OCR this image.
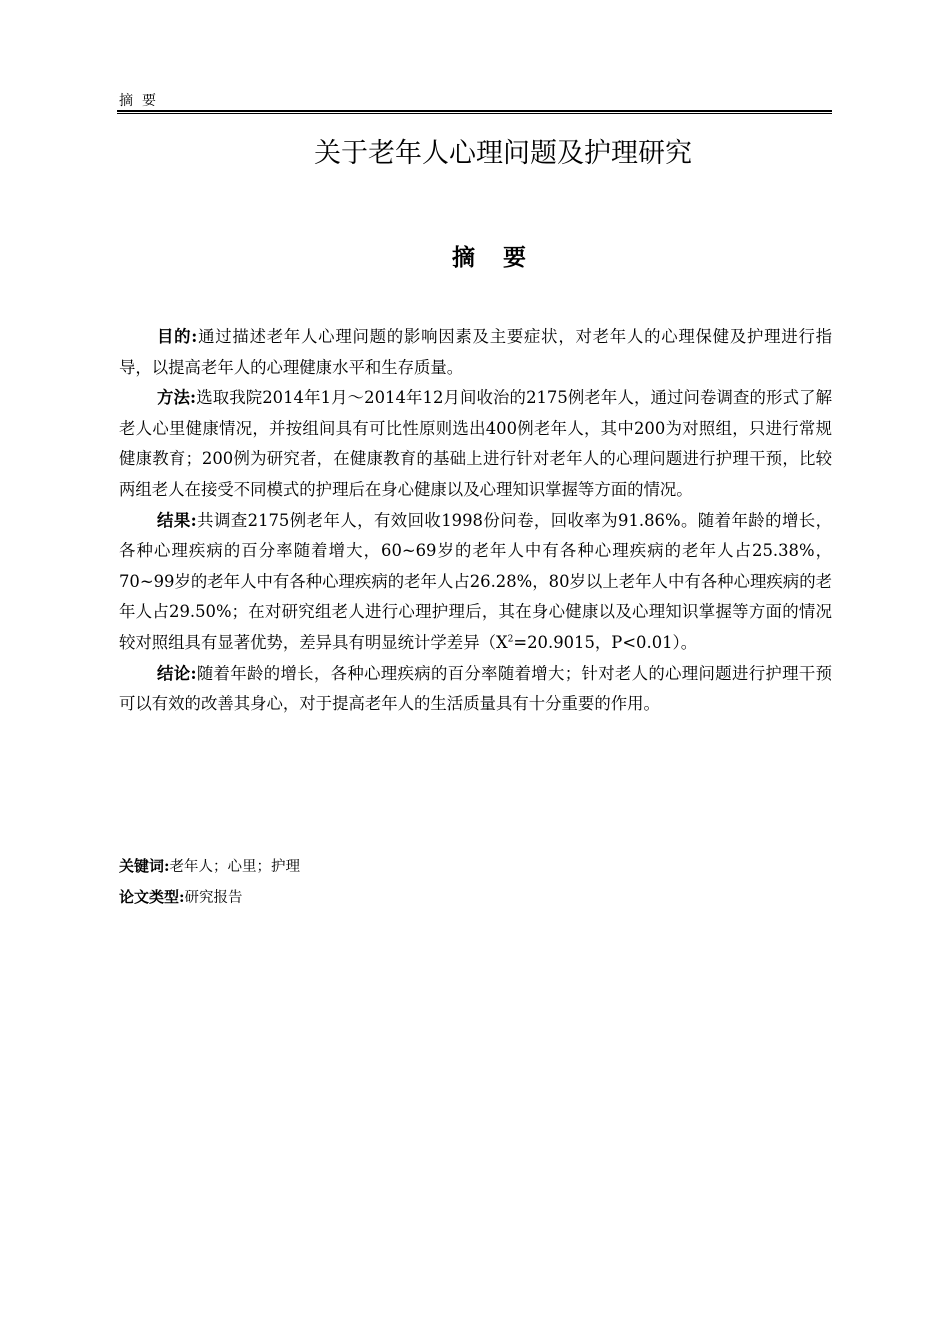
摘要
关于老年人心理问题及护理研究
摘要

目的:通过描述老年人心理问题的影响因素及主要症状，对老年人的心理保健及护理进行指导，以提高老年人的心理健康水平和生存质量。

方法:选取我院2014年1月～2014年12月间收治的2175例老年人，通过问卷调查的形式了解老人心里健康情况，并按组间具有可比性原则选出400例老年人，其中200为对照组，只进行常规健康教育；200例为研究者，在健康教育的基础上进行针对老年人的心理问题进行护理干预，比较两组老人在接受不同模式的护理后在身心健康以及心理知识掌握等方面的情况。

结果:共调查2175例老年人，有效回收1998份问卷，回收率为91.86%。随着年龄的增长，各种心理疾病的百分率随着增大，60~69岁的老年人中有各种心理疾病的老年人占25.38%，70~99岁的老年人中有各种心理疾病的老年人占26.28%，80岁以上老年人中有各种心理疾病的老年人占29.50%；在对研究组老人进行心理护理后，其在身心健康以及心理知识掌握等方面的情况较对照组具有显著优势，差异具有明显统计学差异（$X^2=20.9015$，P<0.01）。

结论:随着年龄的增长，各种心理疾病的百分率随着增大；针对老人的心理问题进行护理干预可以有效的改善其身心，对于提高老年人的生活质量具有十分重要的作用。

关键词:老年人；心里；护理
论文类型:研究报告
